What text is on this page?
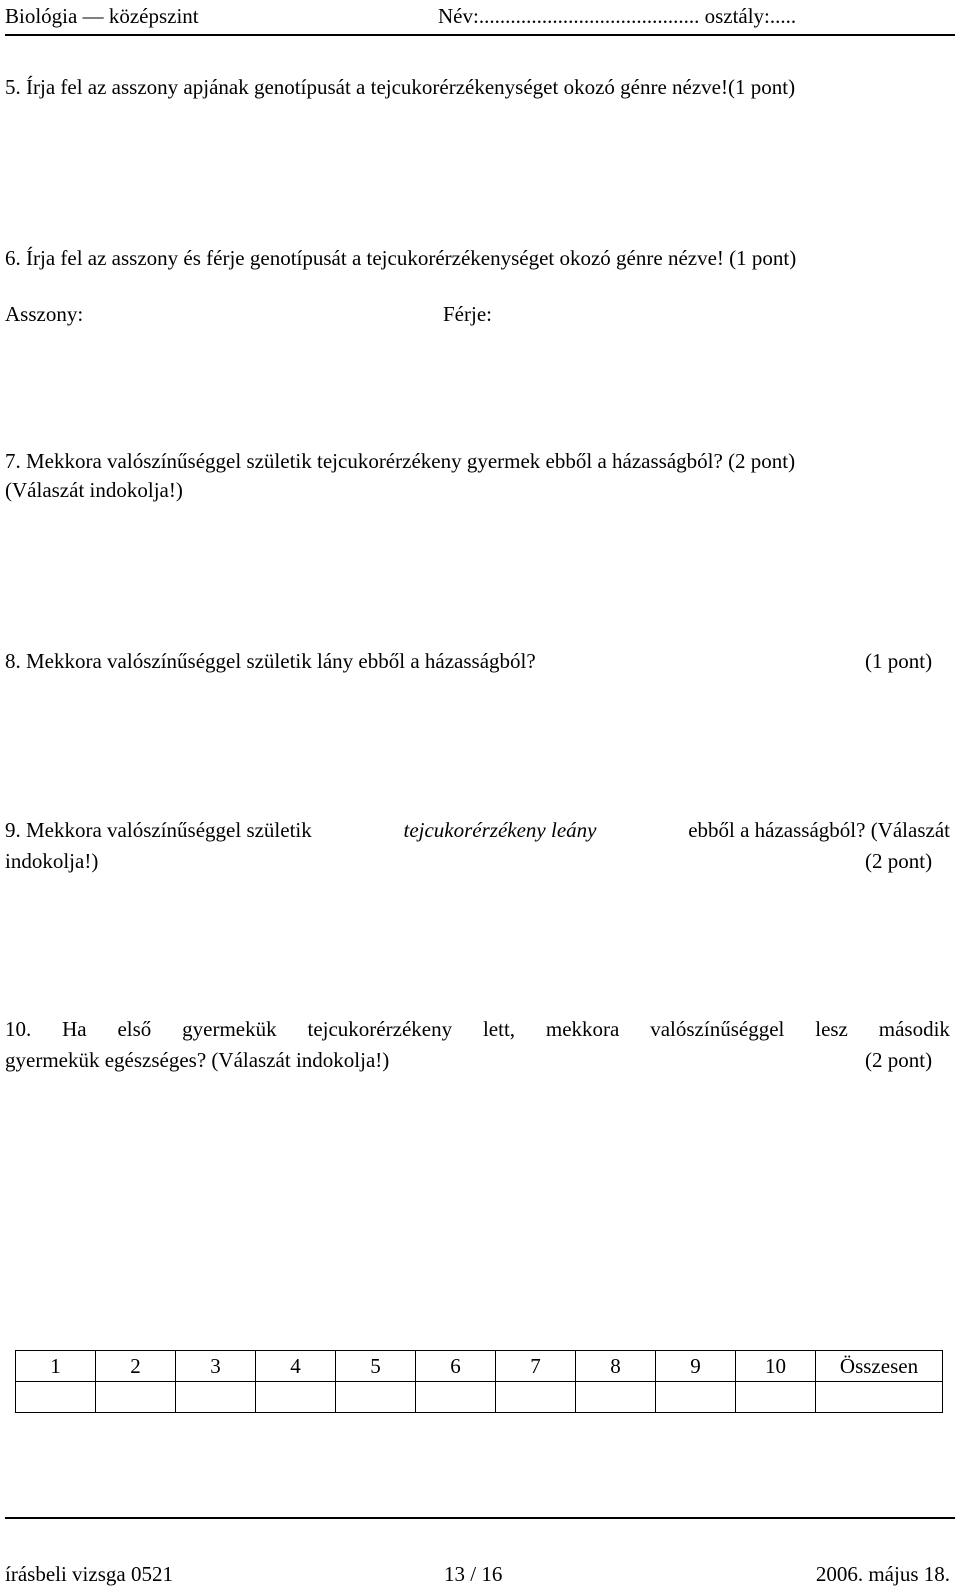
Biológia — középszint	Név:.......................................... osztály:.....
5. Írja fel az asszony apjának genotípusát a tejcukorérzékenységet okozó génre nézve!(1 pont)
6. Írja fel az asszony és férje genotípusát a tejcukorérzékenységet okozó génre nézve! (1 pont)
Asszony:	Férje:
7. Mekkora valószínűséggel születik tejcukorérzékeny gyermek ebből a házasságból? (2 pont)
(Válaszát indokolja!)
8. Mekkora valószínűséggel születik lány ebből a házasságból?	(1 pont)
9. Mekkora valószínűséggel születik	tejcukorérzékeny leány	ebből a házasságból? (Válaszát
indokolja!)	(2 pont)
10. Ha első gyermekük tejcukorérzékeny lett, mekkora valószínűséggel lesz második
gyermekük egészséges? (Válaszát indokolja!)	(2 pont)
1	2	3	4	5	6	7	8	9	10	Összesen

írásbeli vizsga 0521	13 / 16	2006. május 18.
